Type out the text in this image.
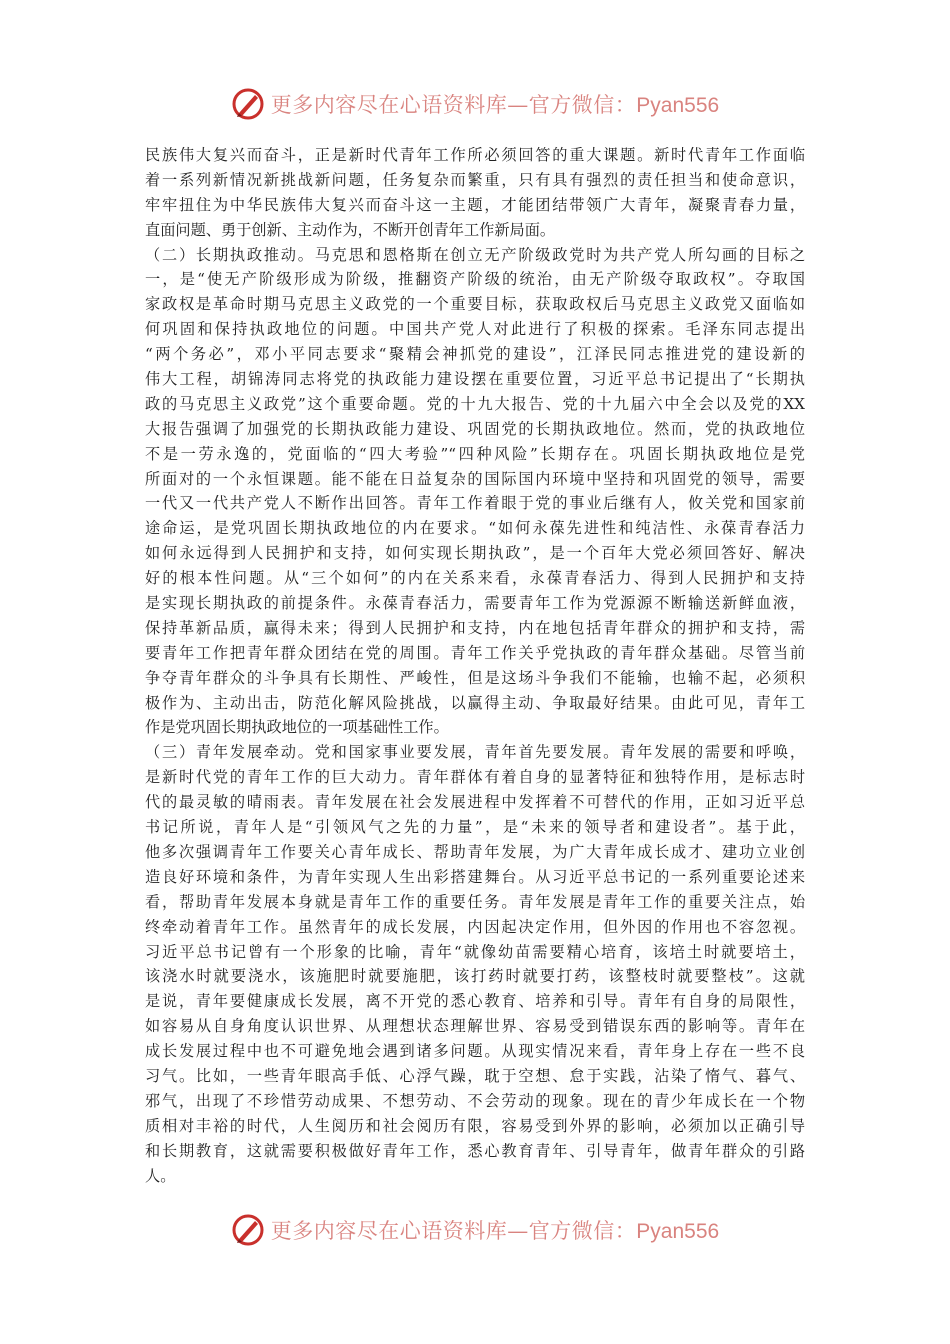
更多内容尽在心语资料库—官方微信：Pyan556
民族伟大复兴而奋斗，正是新时代青年工作所必须回答的重大课题。新时代青年工作面临
着一系列新情况新挑战新问题，任务复杂而繁重，只有具有强烈的责任担当和使命意识，
牢牢扭住为中华民族伟大复兴而奋斗这一主题，才能团结带领广大青年，凝聚青春力量，
直面问题、勇于创新、主动作为，不断开创青年工作新局面。
（二）长期执政推动。马克思和恩格斯在创立无产阶级政党时为共产党人所勾画的目标之
一，是“使无产阶级形成为阶级，推翻资产阶级的统治，由无产阶级夺取政权”。夺取国
家政权是革命时期马克思主义政党的一个重要目标，获取政权后马克思主义政党又面临如
何巩固和保持执政地位的问题。中国共产党人对此进行了积极的探索。毛泽东同志提出
“两个务必”，邓小平同志要求“聚精会神抓党的建设”，江泽民同志推进党的建设新的
伟大工程，胡锦涛同志将党的执政能力建设摆在重要位置，习近平总书记提出了“长期执
政的马克思主义政党”这个重要命题。党的十九大报告、党的十九届六中全会以及党的XX
大报告强调了加强党的长期执政能力建设、巩固党的长期执政地位。然而，党的执政地位
不是一劳永逸的，党面临的“四大考验”“四种风险”长期存在。巩固长期执政地位是党
所面对的一个永恒课题。能不能在日益复杂的国际国内环境中坚持和巩固党的领导，需要
一代又一代共产党人不断作出回答。青年工作着眼于党的事业后继有人，攸关党和国家前
途命运，是党巩固长期执政地位的内在要求。“如何永葆先进性和纯洁性、永葆青春活力
如何永远得到人民拥护和支持，如何实现长期执政”，是一个百年大党必须回答好、解决
好的根本性问题。从“三个如何”的内在关系来看，永葆青春活力、得到人民拥护和支持
是实现长期执政的前提条件。永葆青春活力，需要青年工作为党源源不断输送新鲜血液，
保持革新品质，赢得未来；得到人民拥护和支持，内在地包括青年群众的拥护和支持，需
要青年工作把青年群众团结在党的周围。青年工作关乎党执政的青年群众基础。尽管当前
争夺青年群众的斗争具有长期性、严峻性，但是这场斗争我们不能输，也输不起，必须积
极作为、主动出击，防范化解风险挑战，以赢得主动、争取最好结果。由此可见，青年工
作是党巩固长期执政地位的一项基础性工作。
（三）青年发展牵动。党和国家事业要发展，青年首先要发展。青年发展的需要和呼唤，
是新时代党的青年工作的巨大动力。青年群体有着自身的显著特征和独特作用，是标志时
代的最灵敏的晴雨表。青年发展在社会发展进程中发挥着不可替代的作用，正如习近平总
书记所说，青年人是“引领风气之先的力量”，是“未来的领导者和建设者”。基于此，
他多次强调青年工作要关心青年成长、帮助青年发展，为广大青年成长成才、建功立业创
造良好环境和条件，为青年实现人生出彩搭建舞台。从习近平总书记的一系列重要论述来
看，帮助青年发展本身就是青年工作的重要任务。青年发展是青年工作的重要关注点，始
终牵动着青年工作。虽然青年的成长发展，内因起决定作用，但外因的作用也不容忽视。
习近平总书记曾有一个形象的比喻，青年“就像幼苗需要精心培育，该培土时就要培土，
该浇水时就要浇水，该施肥时就要施肥，该打药时就要打药，该整枝时就要整枝”。这就
是说，青年要健康成长发展，离不开党的悉心教育、培养和引导。青年有自身的局限性，
如容易从自身角度认识世界、从理想状态理解世界、容易受到错误东西的影响等。青年在
成长发展过程中也不可避免地会遇到诸多问题。从现实情况来看，青年身上存在一些不良
习气。比如，一些青年眼高手低、心浮气躁，耽于空想、怠于实践，沾染了惰气、暮气、
邪气，出现了不珍惜劳动成果、不想劳动、不会劳动的现象。现在的青少年成长在一个物
质相对丰裕的时代，人生阅历和社会阅历有限，容易受到外界的影响，必须加以正确引导
和长期教育，这就需要积极做好青年工作，悉心教育青年、引导青年，做青年群众的引路
人。
更多内容尽在心语资料库—官方微信：Pyan556
